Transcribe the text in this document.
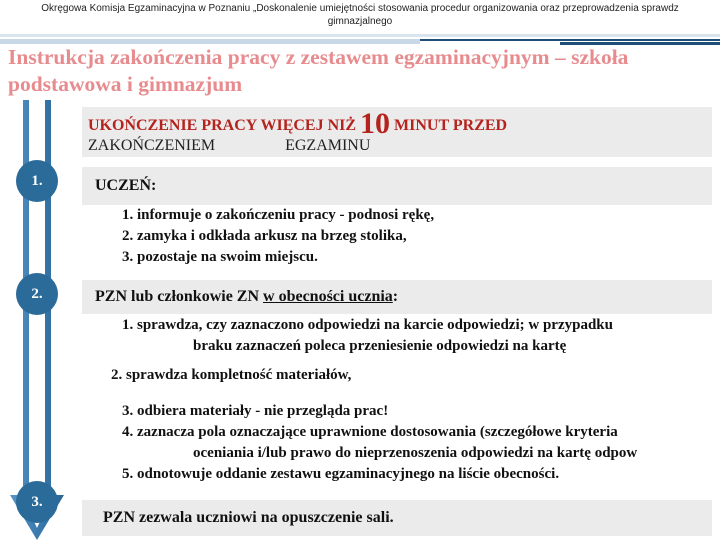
Okręgowa Komisja Egzaminacyjna w Poznaniu „Doskonalenie umiejętności stosowania procedur organizowania oraz przeprowadzenia sprawdz
gimnazjalnego
Instrukcja zakończenia pracy z zestawem egzaminacyjnym – szkoła podstawowa i gimnazjum
UKOŃCZENIE PRACY WIĘCEJ NIŻ 10 MINUT PRZED
ZAKOŃCZENIEM	EGZAMINU
1.	UCZEŃ:
1. informuje o zakończeniu pracy - podnosi rękę,
2. zamyka i odkłada arkusz na brzeg stolika,
3. pozostaje na swoim miejscu.
2.	PZN lub członkowie ZN w obecności ucznia:
1. sprawdza, czy zaznaczono odpowiedzi na karcie odpowiedzi; w przypadku
braku zaznaczeń poleca przeniesienie odpowiedzi na kartę
2. sprawdza kompletność materiałów,
3. odbiera materiały - nie przegląda prac!
4. zaznacza pola oznaczające uprawnione dostosowania (szczegółowe kryteria
oceniania i/lub prawo do nieprzenoszenia odpowiedzi na kartę odpow
5. odnotowuje oddanie zestawu egzaminacyjnego na liście obecności.
3.
PZN zezwala uczniowi na opuszczenie sali.
